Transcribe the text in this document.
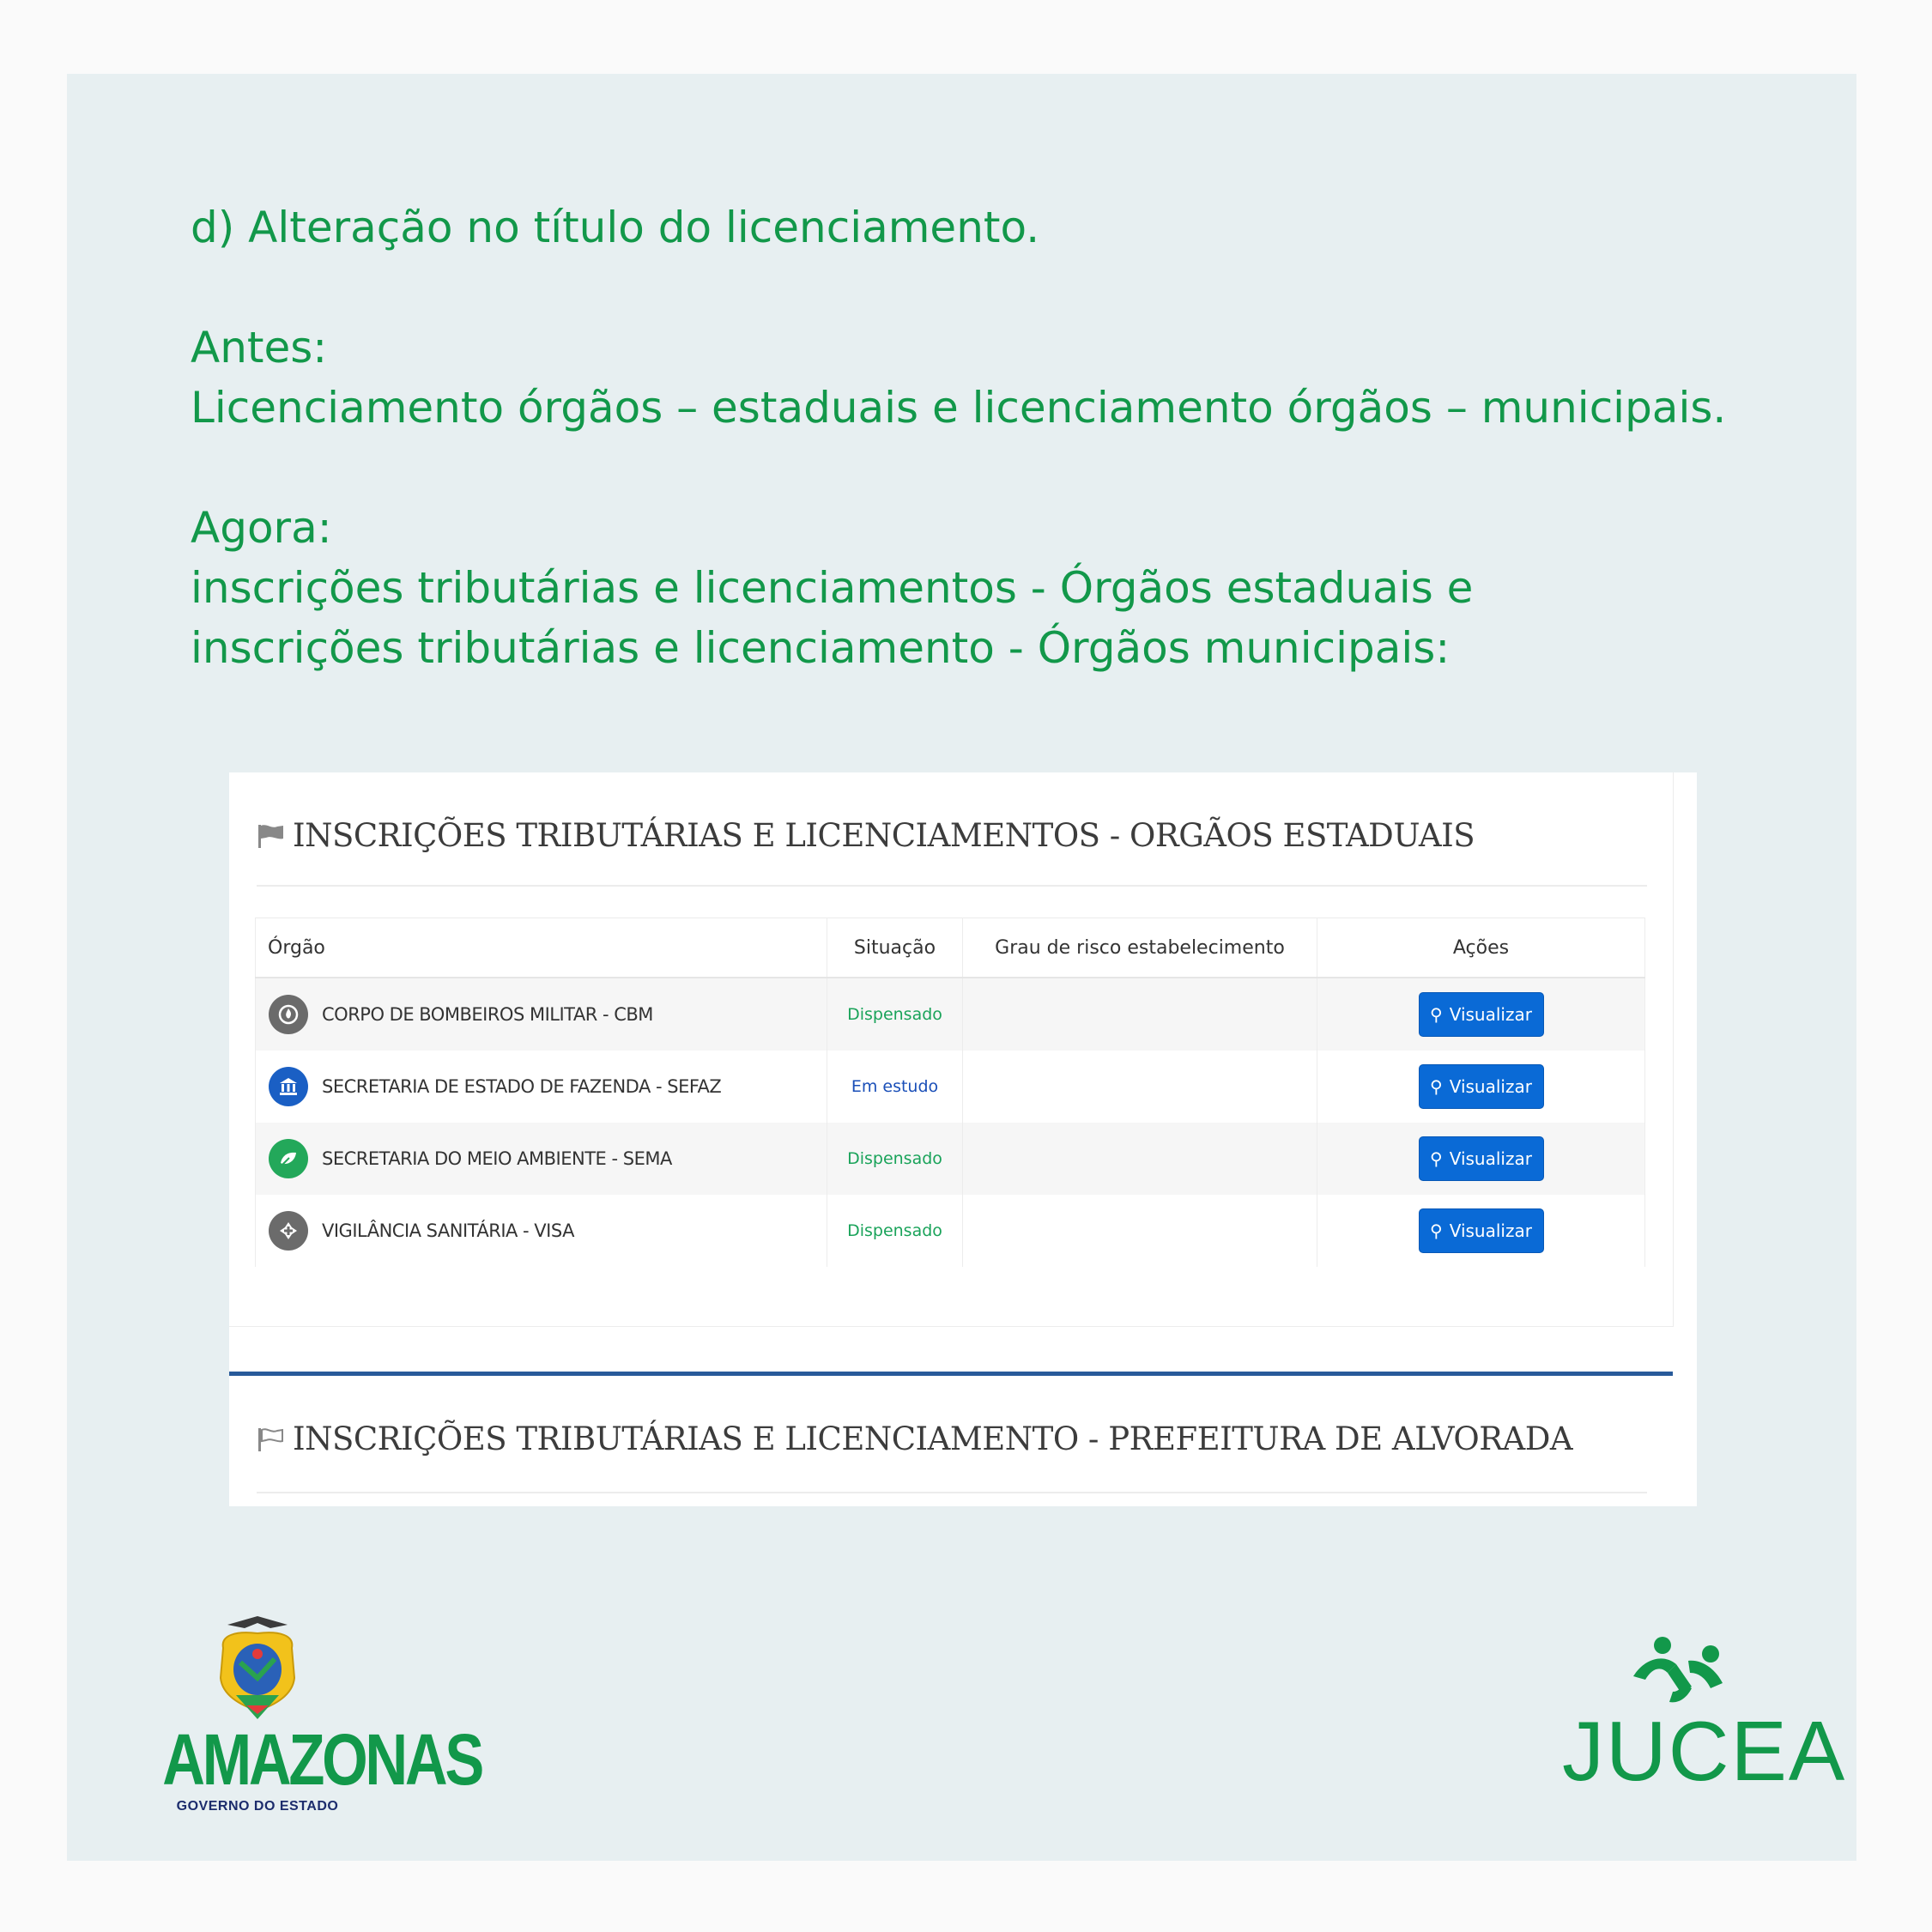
d) Alteração no título do licenciamento.

Antes:

Licenciamento órgãos – estaduais e licenciamento órgãos – municipais.

Agora:

inscrições tributárias e licenciamentos - Órgãos estaduais e

inscrições tributárias e licenciamento - Órgãos municipais:

INSCRIÇÕES TRIBUTÁRIAS E LICENCIAMENTOS - ORGÃOS ESTADUAIS
Órgão	Situação	Grau de risco estabelecimento	Ações

CORPO DE BOMBEIROS MILITAR - CBM	Dispensado		⚲ Visualizar

SECRETARIA DE ESTADO DE FAZENDA - SEFAZ	Em estudo		⚲ Visualizar

SECRETARIA DO MEIO AMBIENTE - SEMA	Dispensado		⚲ Visualizar

VIGILÂNCIA SANITÁRIA - VISA	Dispensado		⚲ Visualizar
INSCRIÇÕES TRIBUTÁRIAS E LICENCIAMENTO - PREFEITURA DE ALVORADA
AMAZONAS
GOVERNO DO ESTADO
JUCEA
